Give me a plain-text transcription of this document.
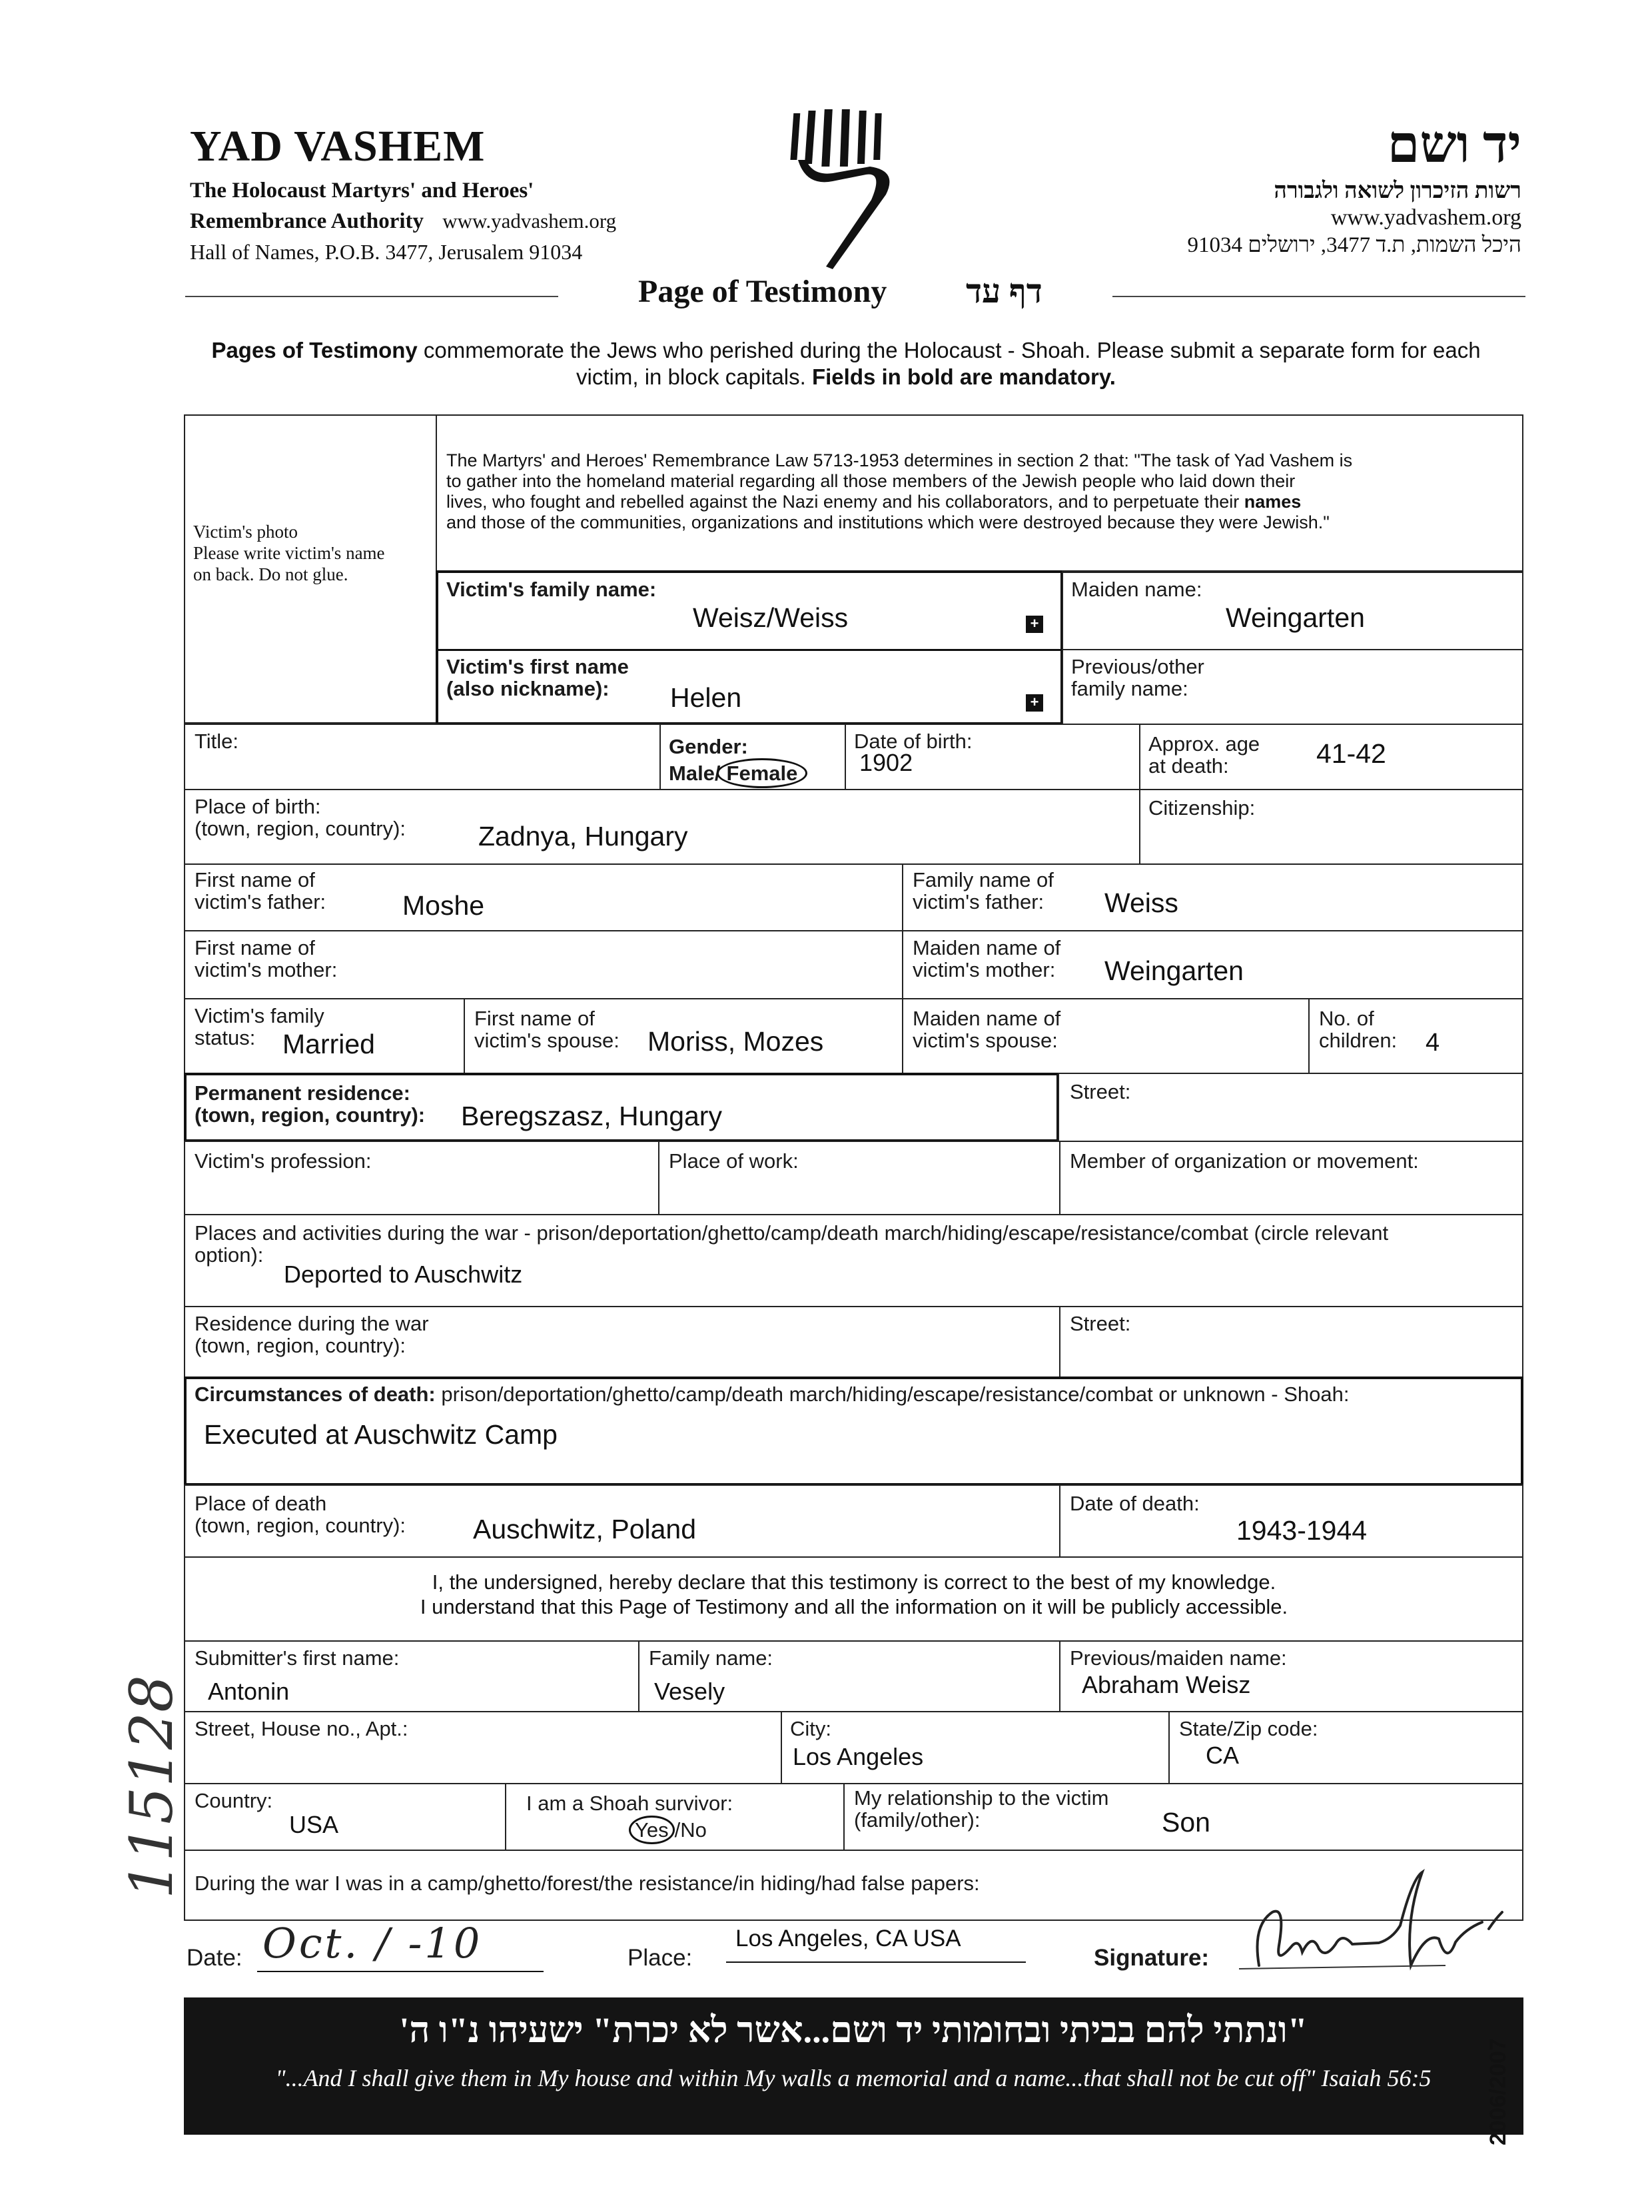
YAD VASHEM
The Holocaust Martyrs' and Heroes'
Remembrance Authority www.yadvashem.org
Hall of Names, P.O.B. 3477, Jerusalem 91034
יד ושם
רשות הזיכרון לשואה ולגבורה
www.yadvashem.org
היכל השמות, ת.ד 3477, ירושלים 91034
Page of Testimony דף עד
Pages of Testimony commemorate the Jews who perished during the Holocaust - Shoah. Please submit a separate form for each
victim, in block capitals. Fields in bold are mandatory.
Victim's photo
Please write victim's name
on back. Do not glue.
The Martyrs' and Heroes' Remembrance Law 5713-1953 determines in section 2 that: "The task of Yad Vashem is
to gather into the homeland material regarding all those members of the Jewish people who laid down their
lives, who fought and rebelled against the Nazi enemy and his collaborators, and to perpetuate their names
and those of the communities, organizations and institutions which were destroyed because they were Jewish."
Victim's family name:
Weisz/Weiss	+
Victim's first name
(also nickname):	Helen	+
Maiden name:
Weingarten
Previous/other
family name:
Title:	Gender:
Male/ Female
Date of birth:
1902
Approx. age
at death:	41-42
Place of birth:
(town, region, country):	Zadnya, Hungary
Citizenship:
First name of
victim's father:	Moshe
Family name of
victim's father:	Weiss
First name of
victim's mother:
Maiden name of
victim's mother: Weingarten
Victim's family
status: Married
First name of
victim's spouse: Moriss, Mozes
Maiden name of
victim's spouse:
No. of
children: 4
Permanent residence:
(town, region, country): Beregszasz, Hungary
Street:
Victim's profession:	Place of work:	Member of organization or movement:
Places and activities during the war - prison/deportation/ghetto/camp/death march/hiding/escape/resistance/combat (circle relevant
option):
Deported to Auschwitz
Residence during the war
(town, region, country):
Street:
Circumstances of death: prison/deportation/ghetto/camp/death march/hiding/escape/resistance/combat or unknown - Shoah:
Executed at Auschwitz Camp
Place of death
(town, region, country): Auschwitz, Poland
Date of death:
1943-1944
I, the undersigned, hereby declare that this testimony is correct to the best of my knowledge.
I understand that this Page of Testimony and all the information on it will be publicly accessible.
Submitter's first name:
Antonin
Family name:
Vesely
Previous/maiden name:
Abraham Weisz
Street, House no., Apt.:	City:
Los Angeles
State/Zip code:
CA
Country:
USA
I am a Shoah survivor:
Yes /No
My relationship to the victim
(family/other):	Son
During the war I was in a camp/ghetto/forest/the resistance/in hiding/had false papers:
Date: Oct. / -10	Place:
Los Angeles, CA USA
Signature:
"ונתתי להם בביתי ובחומותי יד ושם...אשר לא יכרת" ישעיהו נ"ו ה'
"...And I shall give them in My house and within My walls a memorial and a name...that shall not be cut off" Isaiah 56:5	2006/2007
115128
